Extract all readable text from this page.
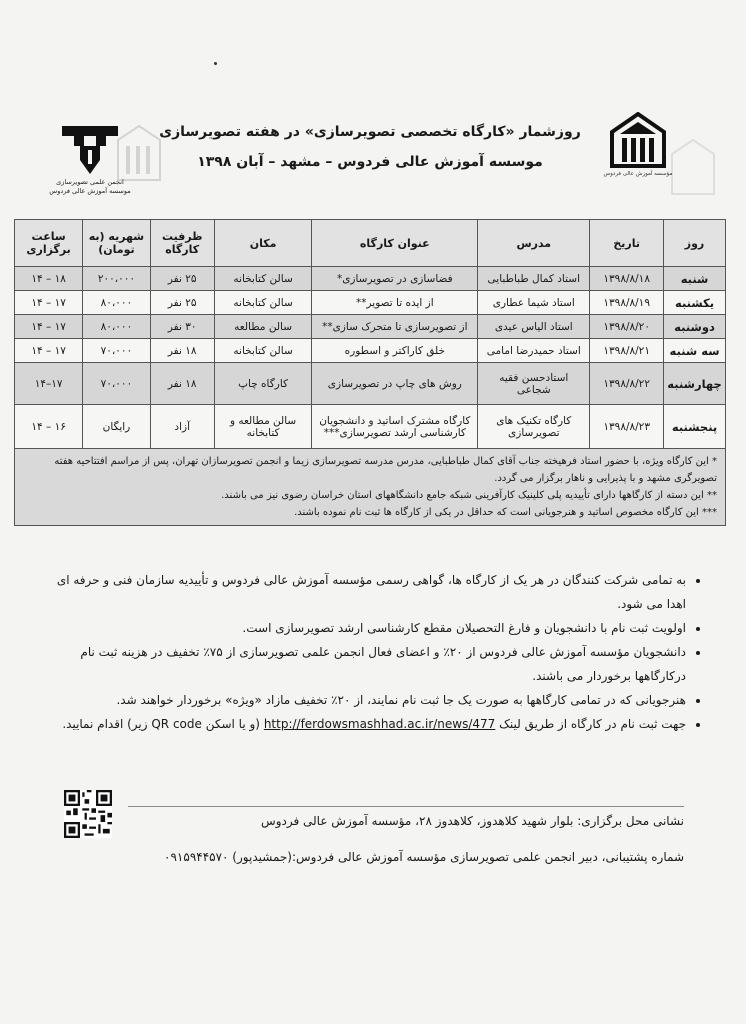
انجمن علمی تصویرسازی
موسسه آموزش عالی فردوس
مؤسسه آموزش عالی فردوس
روزشمار «کارگاه تخصصی تصویرسازی» در هفته تصویرسازی
موسسه آموزش عالی فردوس – مشهد – آبان ۱۳۹۸
روز	تاریخ	مدرس	عنوان کارگاه	مکان	ظرفیت کارگاه	شهریه (به تومان)	ساعت برگزاری
شنبه	۱۳۹۸/۸/۱۸	استاد کمال طباطبایی	فضاسازی در تصویرسازی*	سالن کتابخانه	۲۵ نفر	۲۰۰،۰۰۰	۱۸ – ۱۴
یکشنبه	۱۳۹۸/۸/۱۹	استاد شیما عطاری	از ایده تا تصویر**	سالن کتابخانه	۲۵ نفر	۸۰،۰۰۰	۱۷ – ۱۴
دوشنبه	۱۳۹۸/۸/۲۰	استاد الیاس عیدی	از تصویرسازی تا متحرک سازی**	سالن مطالعه	۳۰ نفر	۸۰،۰۰۰	۱۷ – ۱۴
سه شنبه	۱۳۹۸/۸/۲۱	استاد حمیدرضا امامی	خلق کاراکتر و اسطوره	سالن کتابخانه	۱۸ نفر	۷۰،۰۰۰	۱۷ – ۱۴
چهارشنبه	۱۳۹۸/۸/۲۲	استادحسن فقیه شجاعی	روش های چاپ در تصویرسازی	کارگاه چاپ	۱۸ نفر	۷۰،۰۰۰	۱۷–۱۴
پنجشنبه	۱۳۹۸/۸/۲۳	کارگاه تکنیک های تصویرسازی	کارگاه مشترک اساتید و دانشجویان کارشناسی ارشد تصویرسازی***	سالن مطالعه و کتابخانه	آزاد	رایگان	۱۶ – ۱۴

* این کارگاه ویژه، با حضور استاد فرهیخته جناب آقای کمال طباطبایی، مدرس مدرسه تصویرسازی زیما و انجمن تصویرسازان تهران، پس از مراسم افتتاحیه هفته تصویرگری مشهد و با پذیرایی و ناهار برگزار می گردد.
** این دسته از کارگاهها دارای تأییدیه پلی کلینیک کارآفرینی شبکه جامع دانشگاههای استان خراسان رضوی نیز می باشند.
*** این کارگاه مخصوص اساتید و هنرجویانی است که حداقل در یکی از کارگاه ها ثبت نام نموده باشند.							
• به تمامی شرکت کنندگان در هر یک از کارگاه ها، گواهی رسمی مؤسسه آموزش عالی فردوس و تأییدیه سازمان فنی و حرفه ای اهدا می شود.
• اولویت ثبت نام با دانشجویان و فارغ التحصیلان مقطع کارشناسی ارشد تصویرسازی است.
• دانشجویان مؤسسه آموزش عالی فردوس از ۲۰٪ و اعضای فعال انجمن علمی تصویرسازی از ۷۵٪ تخفیف در هزینه ثبت نام درکارگاهها برخوردار می باشند.
• هنرجویانی که در تمامی کارگاهها به صورت یک جا ثبت نام نمایند، از ۲۰٪ تخفیف مازاد «ویژه» برخوردار خواهند شد.
• جهت ثبت نام در کارگاه از طریق لینک http://ferdowsmashhad.ac.ir/news/477 (و یا اسکن QR code زیر) اقدام نمایید.
نشانی محل برگزاری: بلوار شهید کلاهدوز، کلاهدوز ۲۸، مؤسسه آموزش عالی فردوس
شماره پشتیبانی، دبیر انجمن علمی تصویرسازی مؤسسه آموزش عالی فردوس:(جمشیدپور) ۰۹۱۵۹۴۴۵۷۰
